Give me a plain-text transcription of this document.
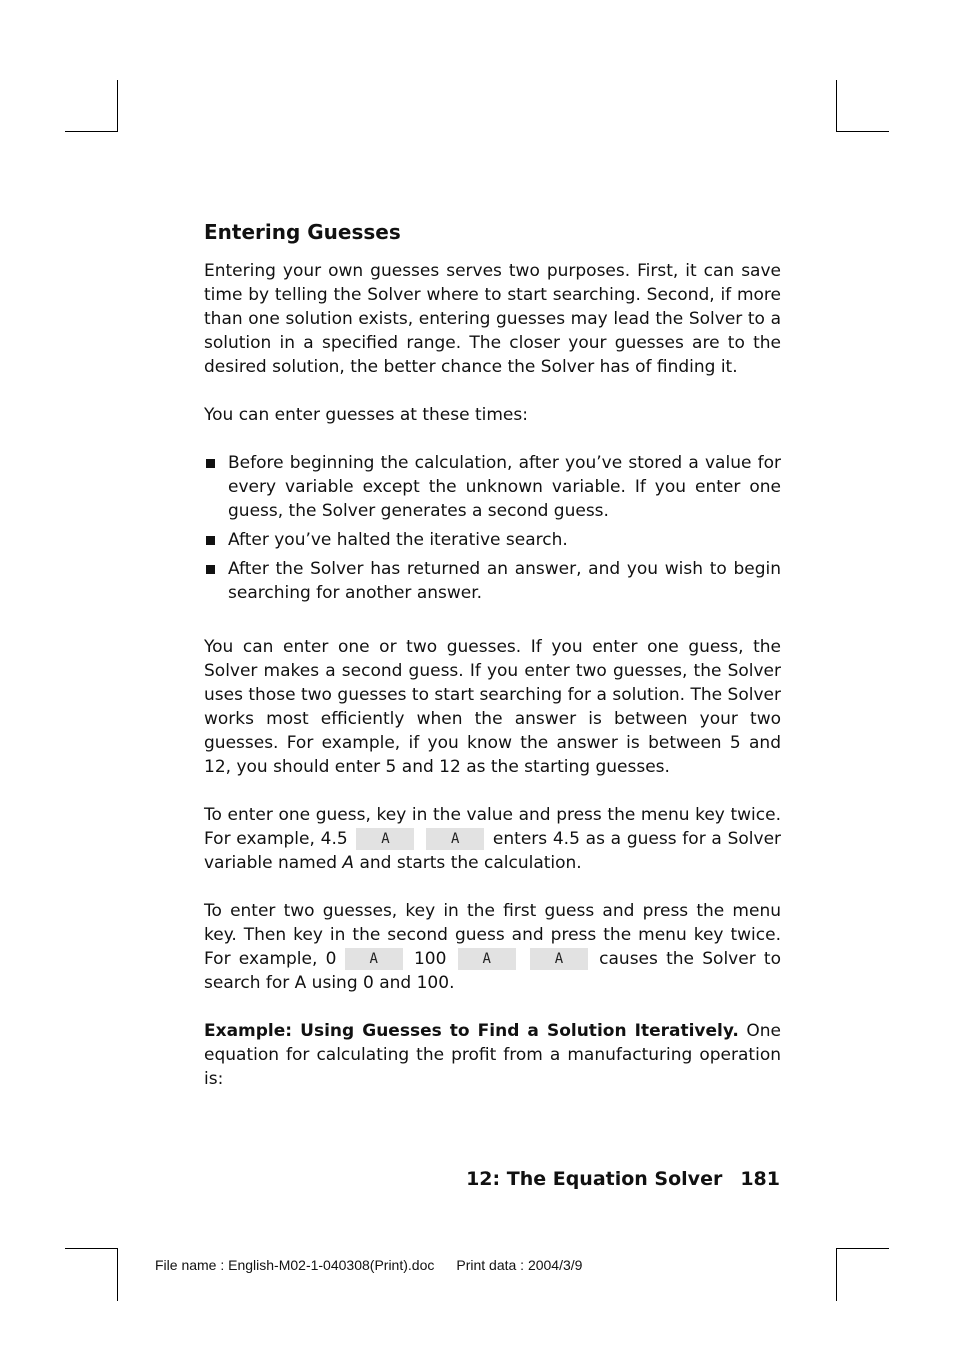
Entering Guesses

Entering your own guesses serves two purposes. First, it can save time by telling the Solver where to start searching. Second, if more than one solution exists, entering guesses may lead the Solver to a solution in a specified range. The closer your guesses are to the desired solution, the better chance the Solver has of finding it.

You can enter guesses at these times:

Before beginning the calculation, after you’ve stored a value for every variable except the unknown variable. If you enter one guess, the Solver generates a second guess.
After you’ve halted the iterative search.
After the Solver has returned an answer, and you wish to begin searching for another answer.

You can enter one or two guesses. If you enter one guess, the Solver makes a second guess. If you enter two guesses, the Solver uses those two guesses to start searching for a solution. The Solver works most efficiently when the answer is between your two guesses. For example, if you know the answer is between 5 and 12, you should enter 5 and 12 as the starting guesses.

To enter one guess, key in the value and press the menu key twice. For example, 4.5 A	A enters 4.5 as a guess for a Solver variable named A and starts the calculation.

To enter two guesses, key in the first guess and press the menu key. Then key in the second guess and press the menu key twice. For example, 0 A 100	A	A causes the Solver to search for A using 0 and 100.

Example: Using Guesses to Find a Solution Iteratively. One equation for calculating the profit from a manufacturing operation is:

12: The Equation Solver 181
File name : English-M02-1-040308(Print).doc Print data : 2004/3/9
